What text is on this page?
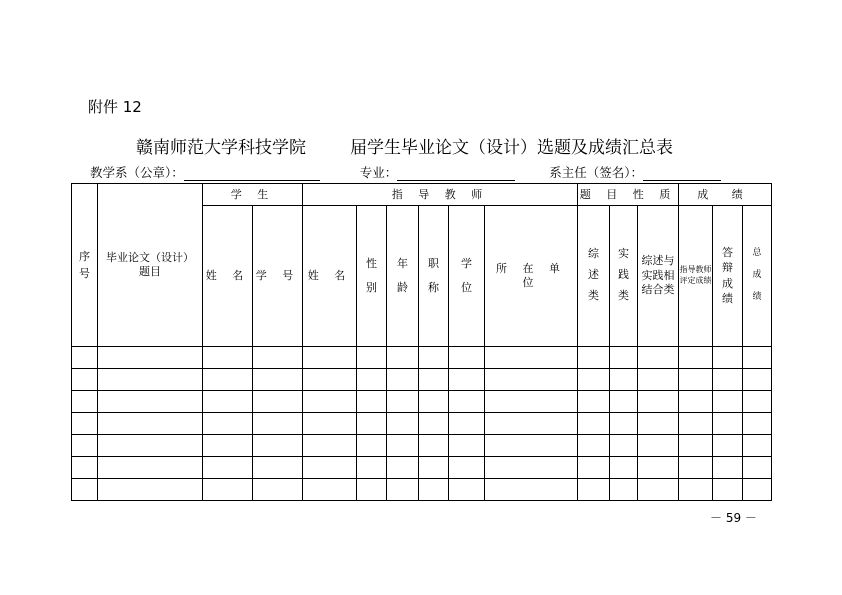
附件 12
赣南师范大学科技学院	届学生毕业论文（设计）选题及成绩汇总表
教学系（公章）：	专业：	系主任（签名）：
序号	毕业论文（设计）题目	学 生		指 导 教 师						题 目 性 质			成 绩		
		姓 名	学 号	姓 名	性别	年龄	职称	学位	所 在 单 位	综述类	实践类	综述与实践相结合类	指导教师评定成绩	答辩成绩	总成绩

－ 59 －
